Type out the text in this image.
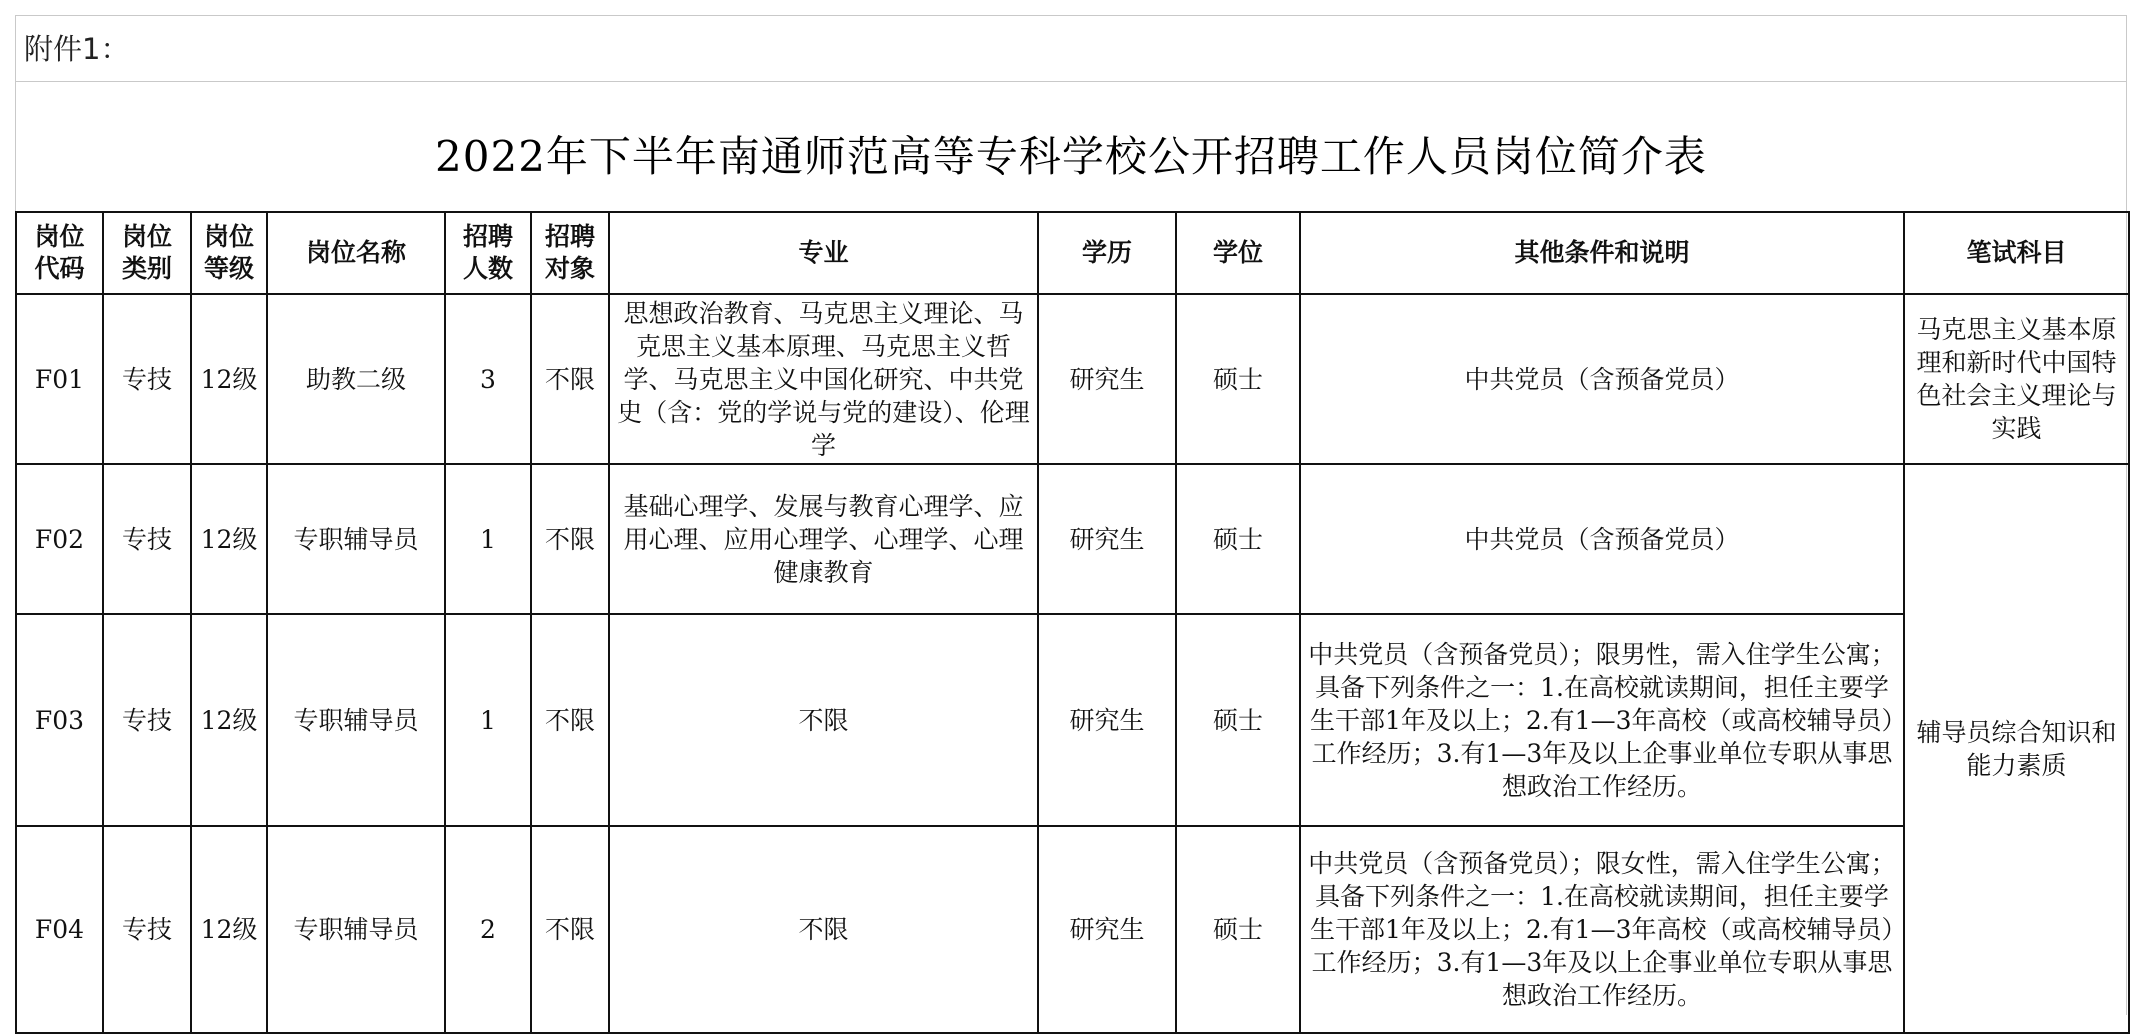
附件1：
2022年下半年南通师范高等专科学校公开招聘工作人员岗位简介表
岗位代码	岗位类别	岗位等级	岗位名称	招聘人数	招聘对象	专业	学历	学位	其他条件和说明	笔试科目
F01	专技	12级	助教二级	3	不限	思想政治教育、马克思主义理论、马克思主义基本原理、马克思主义哲学、马克思主义中国化研究、中共党史（含：党的学说与党的建设）、伦理学	研究生	硕士	中共党员（含预备党员）	马克思主义基本原理和新时代中国特色社会主义理论与实践
F02	专技	12级	专职辅导员	1	不限	基础心理学、发展与教育心理学、应用心理、应用心理学、心理学、心理健康教育	研究生	硕士	中共党员（含预备党员）	辅导员综合知识和能力素质
F03	专技	12级	专职辅导员	1	不限	不限	研究生	硕士	中共党员（含预备党员）；限男性，需入住学生公寓；具备下列条件之一：1.在高校就读期间，担任主要学生干部1年及以上；2.有1—3年高校（或高校辅导员）工作经历；3.有1—3年及以上企事业单位专职从事思想政治工作经历。	
F04	专技	12级	专职辅导员	2	不限	不限	研究生	硕士	中共党员（含预备党员）；限女性，需入住学生公寓；具备下列条件之一：1.在高校就读期间，担任主要学生干部1年及以上；2.有1—3年高校（或高校辅导员）工作经历；3.有1—3年及以上企事业单位专职从事思想政治工作经历。	
